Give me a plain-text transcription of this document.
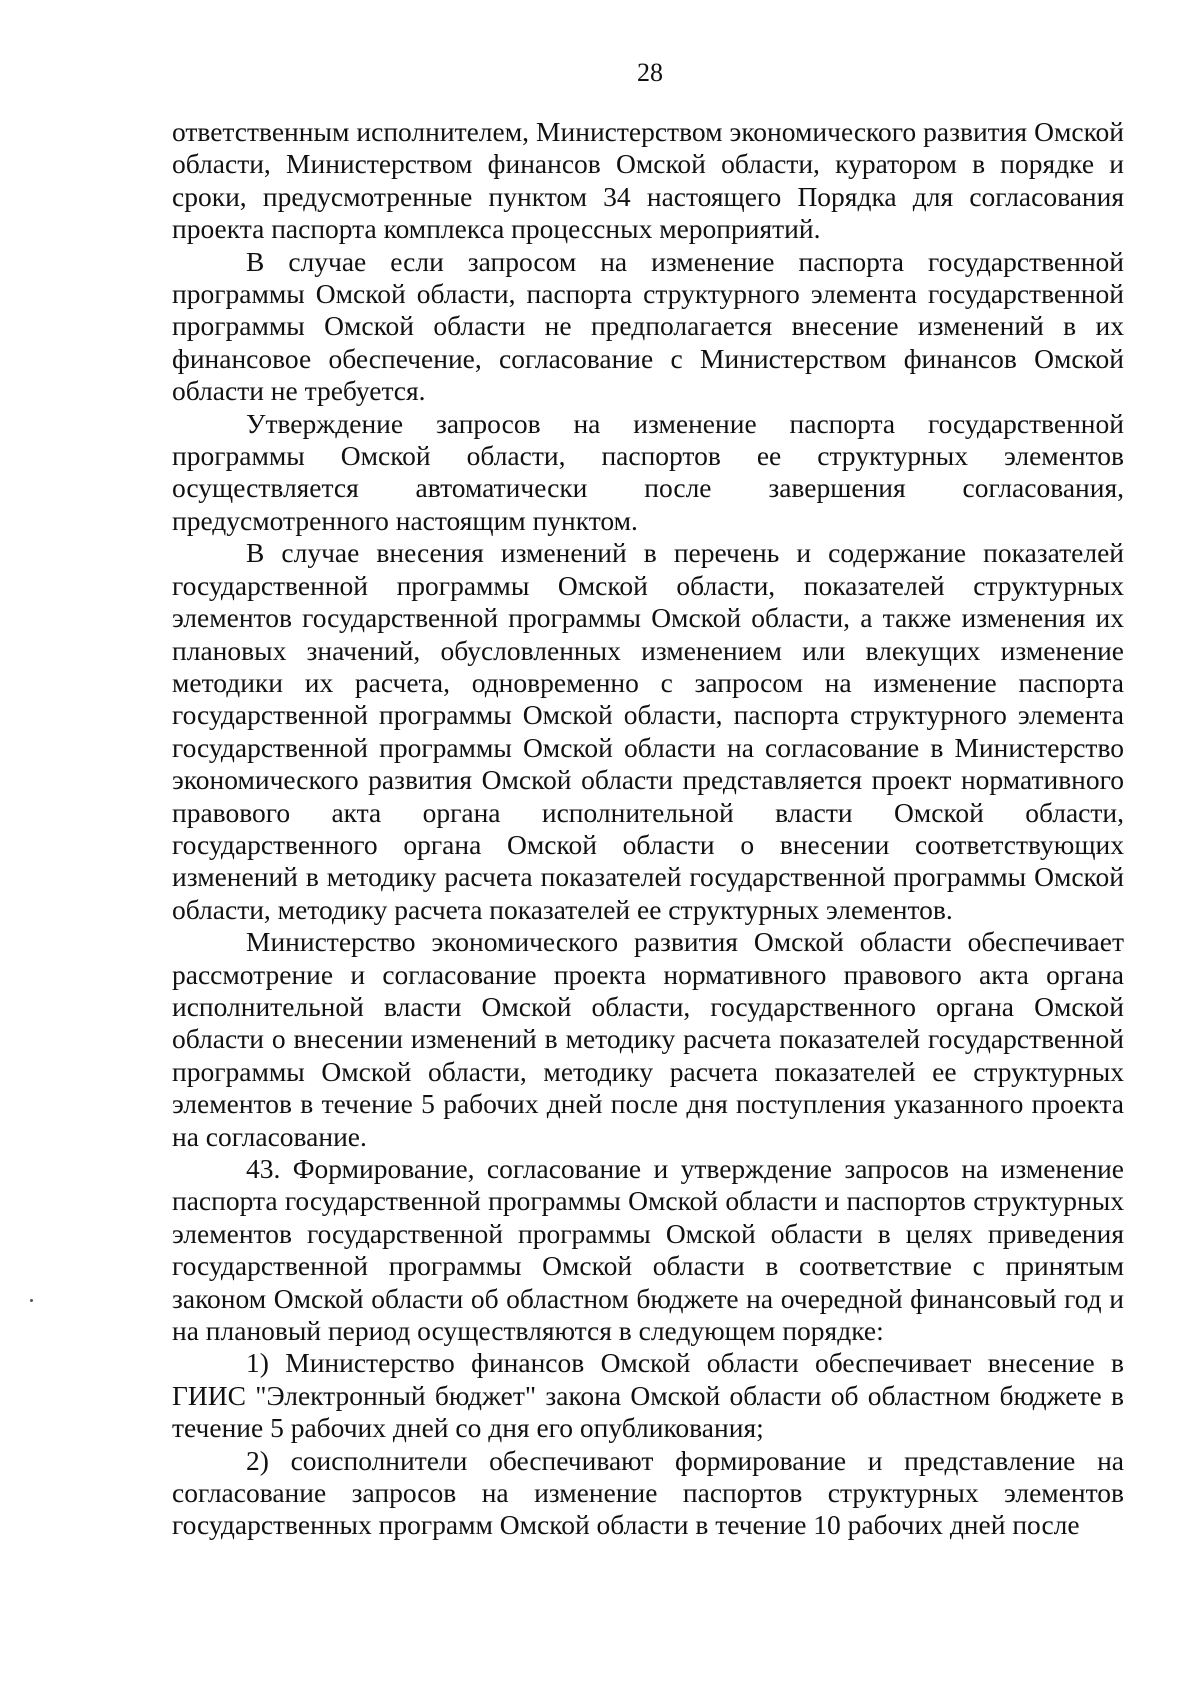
28

ответственным исполнителем, Министерством экономического развития Омской области, Министерством финансов Омской области, куратором в порядке и сроки, предусмотренные пунктом 34 настоящего Порядка для согласования проекта паспорта комплекса процессных мероприятий.

В случае если запросом на изменение паспорта государственной программы Омской области, паспорта структурного элемента государственной программы Омской области не предполагается внесение изменений в их финансовое обеспечение, согласование с Министерством финансов Омской области не требуется.

Утверждение запросов на изменение паспорта государственной программы Омской области, паспортов ее структурных элементов осуществляется автоматически после завершения согласования, предусмотренного настоящим пунктом.

В случае внесения изменений в перечень и содержание показателей государственной программы Омской области, показателей структурных элементов государственной программы Омской области, а также изменения их плановых значений, обусловленных изменением или влекущих изменение методики их расчета, одновременно с запросом на изменение паспорта государственной программы Омской области, паспорта структурного элемента государственной программы Омской области на согласование в Министерство экономического развития Омской области представляется проект нормативного правового акта органа исполнительной власти Омской области, государственного органа Омской области о внесении соответствующих изменений в методику расчета показателей государственной программы Омской области, методику расчета показателей ее структурных элементов.

Министерство экономического развития Омской области обеспечивает рассмотрение и согласование проекта нормативного правового акта органа исполнительной власти Омской области, государственного органа Омской области о внесении изменений в методику расчета показателей государственной программы Омской области, методику расчета показателей ее структурных элементов в течение 5 рабочих дней после дня поступления указанного проекта на согласование.

43. Формирование, согласование и утверждение запросов на изменение паспорта государственной программы Омской области и паспортов структурных элементов государственной программы Омской области в целях приведения государственной программы Омской области в соответствие с принятым законом Омской области об областном бюджете на очередной финансовый год и на плановый период осуществляются в следующем порядке:

1) Министерство финансов Омской области обеспечивает внесение в ГИИС "Электронный бюджет" закона Омской области об областном бюджете в течение 5 рабочих дней со дня его опубликования;

2) соисполнители обеспечивают формирование и представление на согласование запросов на изменение паспортов структурных элементов государственных программ Омской области в течение 10 рабочих дней после
